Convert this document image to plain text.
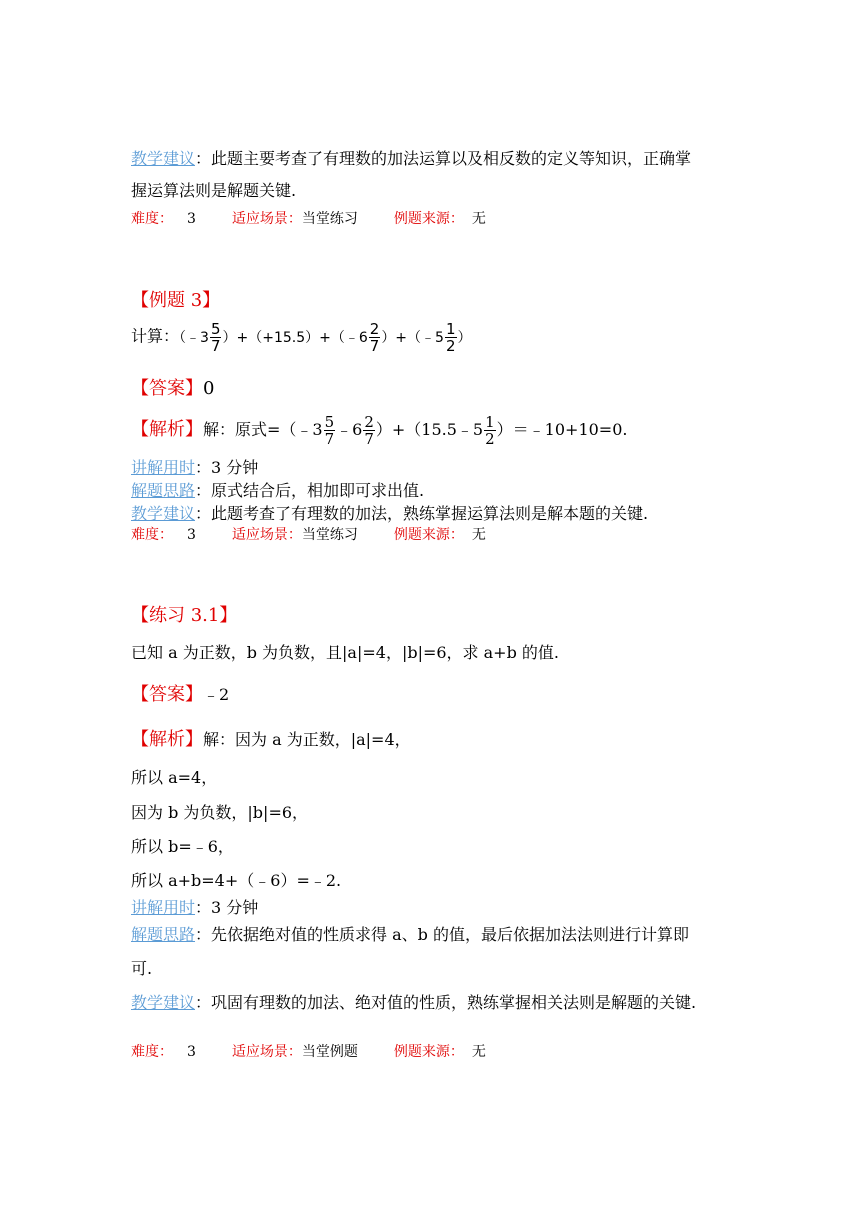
教学建议：此题主要考查了有理数的加法运算以及相反数的定义等知识，正确掌
握运算法则是解题关键.
难度： 3	适应场景：当堂练习	例题来源： 无
【例题 3】
计算：（﹣3 $\frac{5}{7}$ ）+（+15.5）+（﹣6 $\frac{2}{7}$ ）+（﹣5 $\frac{1}{2}$ ）
【答案】0
【解析】解：原式=（﹣3 $\frac{5}{7}$ ﹣6 $\frac{2}{7}$ ）+（15.5﹣5 $\frac{1}{2}$ ）＝﹣10+10=0.
讲解用时：3 分钟
解题思路：原式结合后，相加即可求出值.
教学建议：此题考查了有理数的加法，熟练掌握运算法则是解本题的关键.
难度： 3	适应场景：当堂练习	例题来源： 无
【练习 3.1】
已知 a 为正数，b 为负数，且|a|=4，|b|=6，求 a+b 的值.
【答案】﹣2
【解析】解：因为 a 为正数，|a|=4，
所以 a=4，
因为 b 为负数，|b|=6，
所以 b=﹣6，
所以 a+b=4+（﹣6）=﹣2.
讲解用时：3 分钟
解题思路：先依据绝对值的性质求得 a、b 的值，最后依据加法法则进行计算即
可.
教学建议：巩固有理数的加法、绝对值的性质，熟练掌握相关法则是解题的关键.
难度： 3	适应场景：当堂例题	例题来源： 无
